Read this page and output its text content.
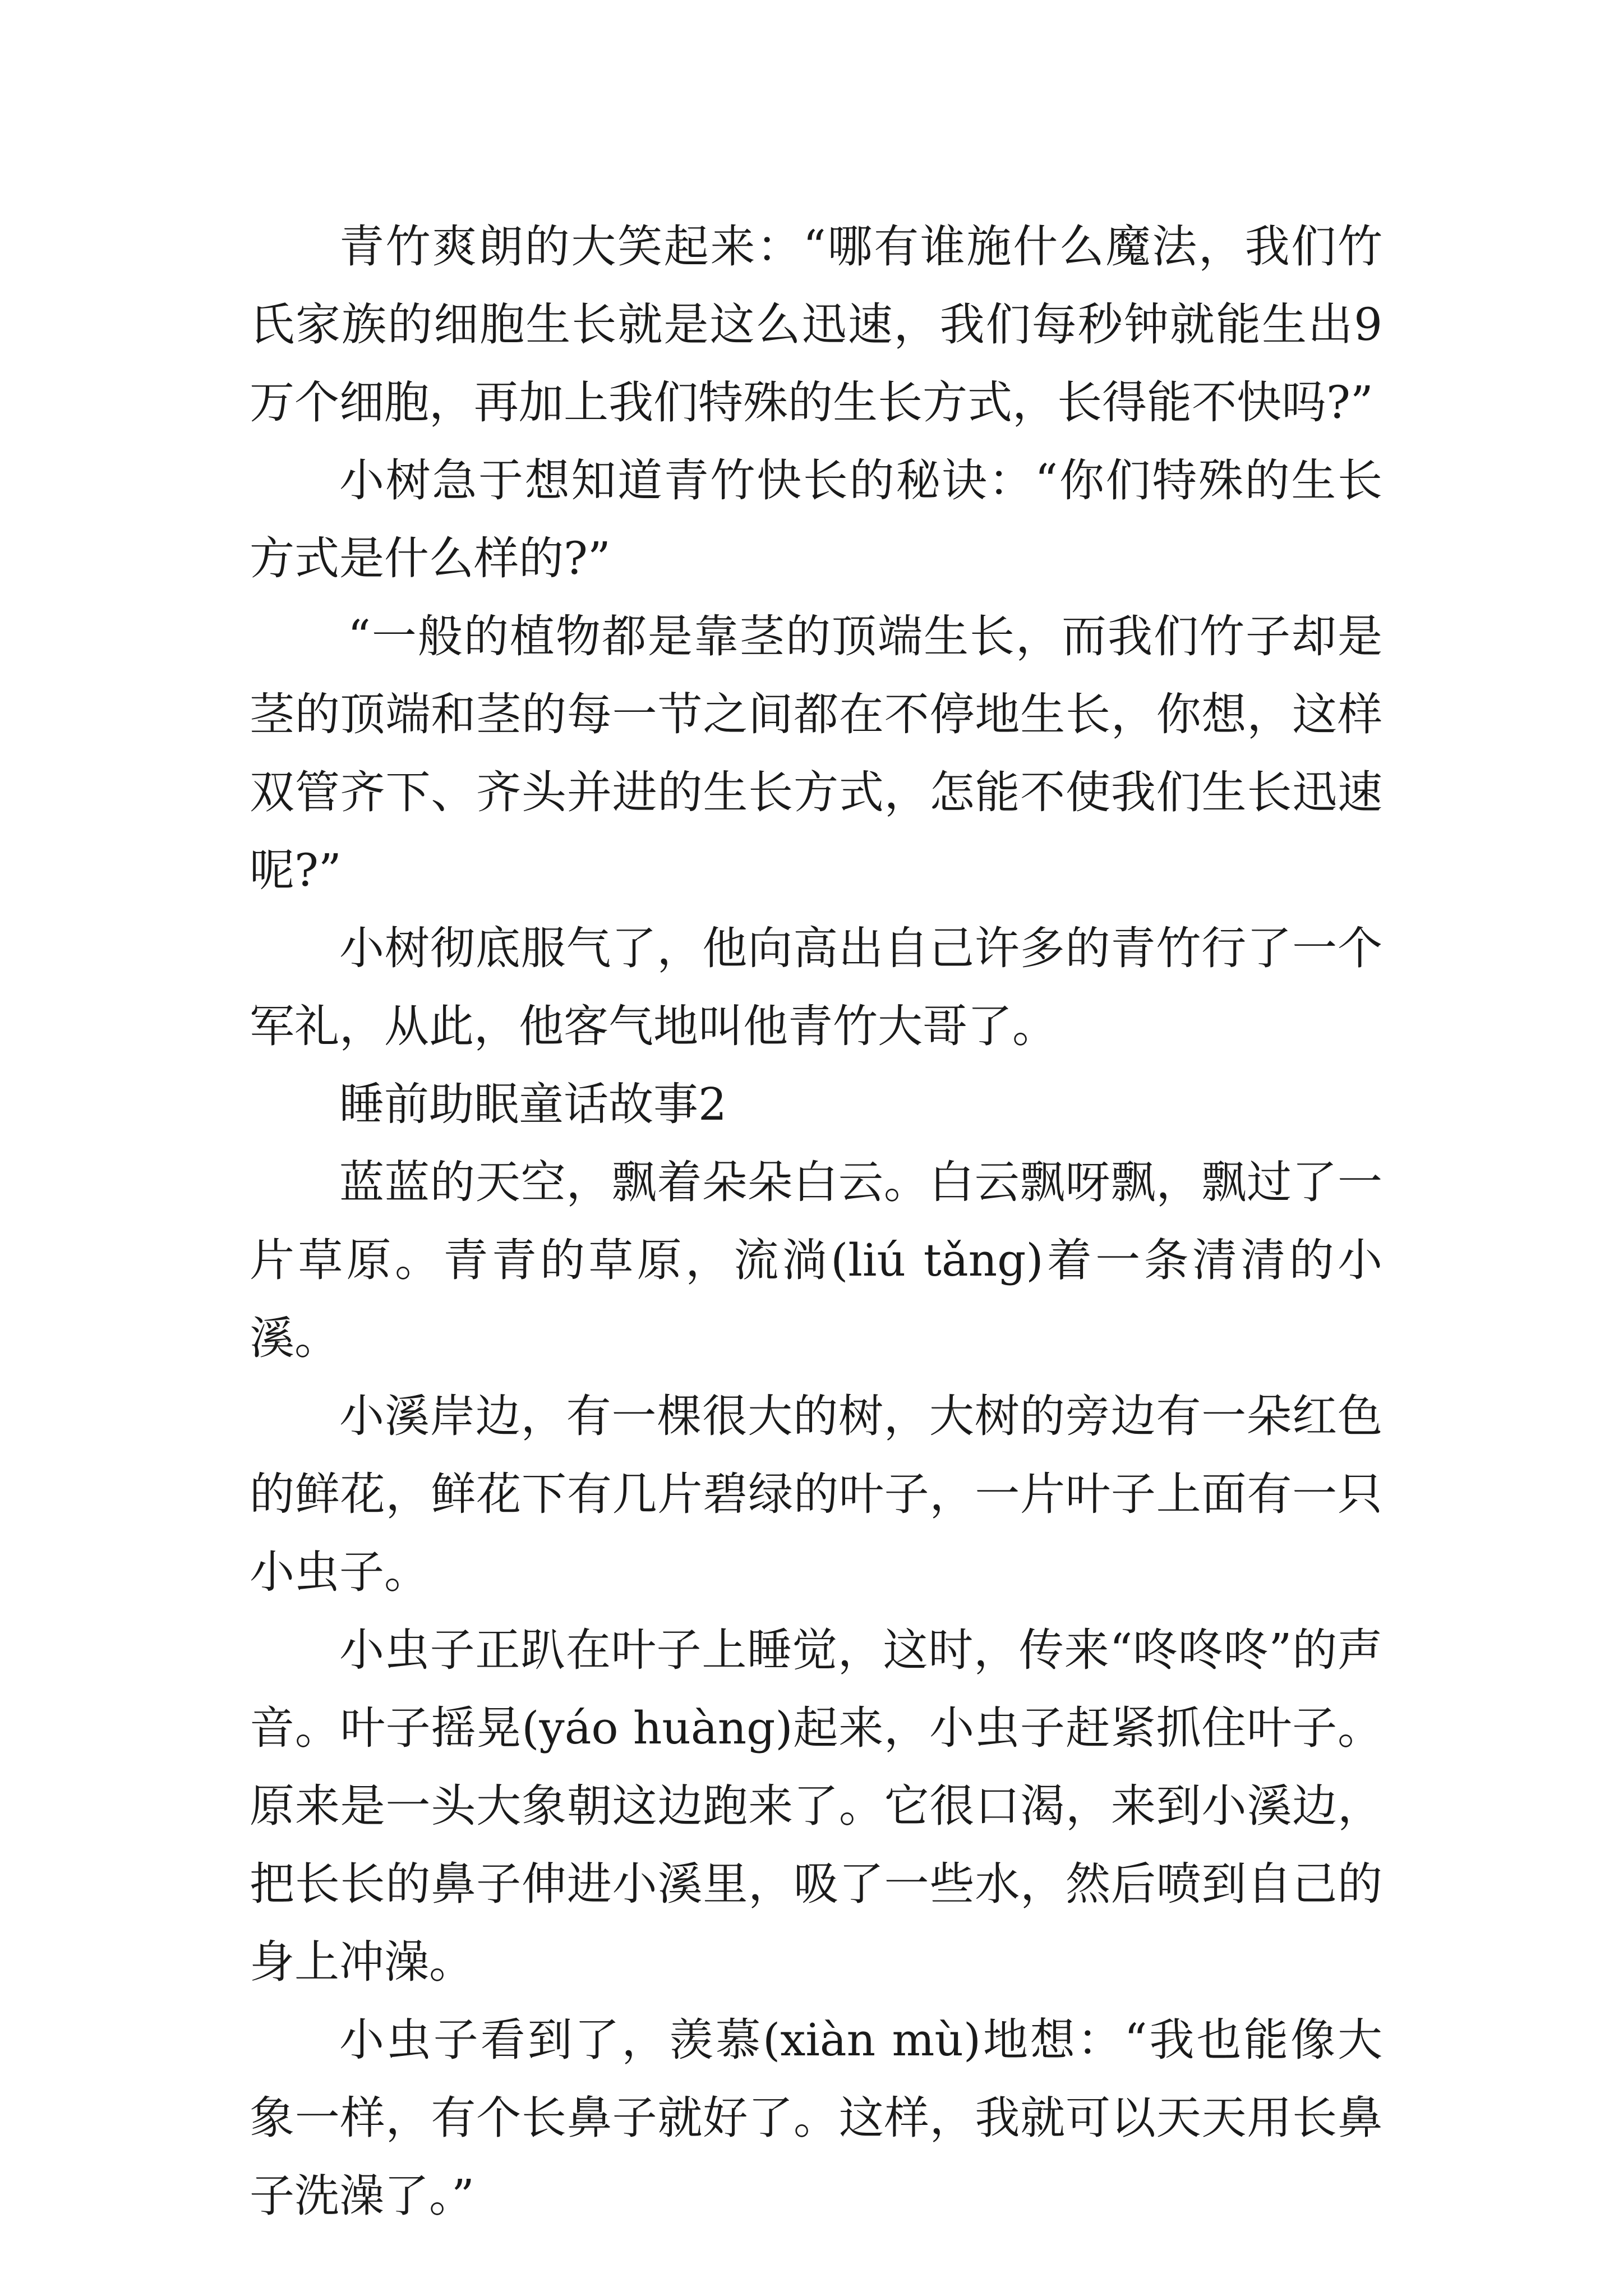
青竹爽朗的大笑起来：“哪有谁施什么魔法，我们竹氏家族的细胞生长就是这么迅速，我们每秒钟就能生出9万个细胞，再加上我们特殊的生长方式，长得能不快吗?”

小树急于想知道青竹快长的秘诀：“你们特殊的生长方式是什么样的?”

“一般的植物都是靠茎的顶端生长，而我们竹子却是茎的顶端和茎的每一节之间都在不停地生长，你想，这样双管齐下、齐头并进的生长方式，怎能不使我们生长迅速呢?”

小树彻底服气了，他向高出自己许多的青竹行了一个军礼，从此，他客气地叫他青竹大哥了。

睡前助眠童话故事2

蓝蓝的天空，飘着朵朵白云。白云飘呀飘，飘过了一片草原。青青的草原，流淌(liú tǎng)着一条清清的小溪。

小溪岸边，有一棵很大的树，大树的旁边有一朵红色的鲜花，鲜花下有几片碧绿的叶子，一片叶子上面有一只小虫子。

小虫子正趴在叶子上睡觉，这时，传来“咚咚咚”的声音。叶子摇晃(yáo huàng)起来，小虫子赶紧抓住叶子。原来是一头大象朝这边跑来了。它很口渴，来到小溪边，把长长的鼻子伸进小溪里，吸了一些水，然后喷到自己的身上冲澡。

小虫子看到了，羡慕(xiàn mù)地想：“我也能像大象一样，有个长鼻子就好了。这样，我就可以天天用长鼻子洗澡了。”
